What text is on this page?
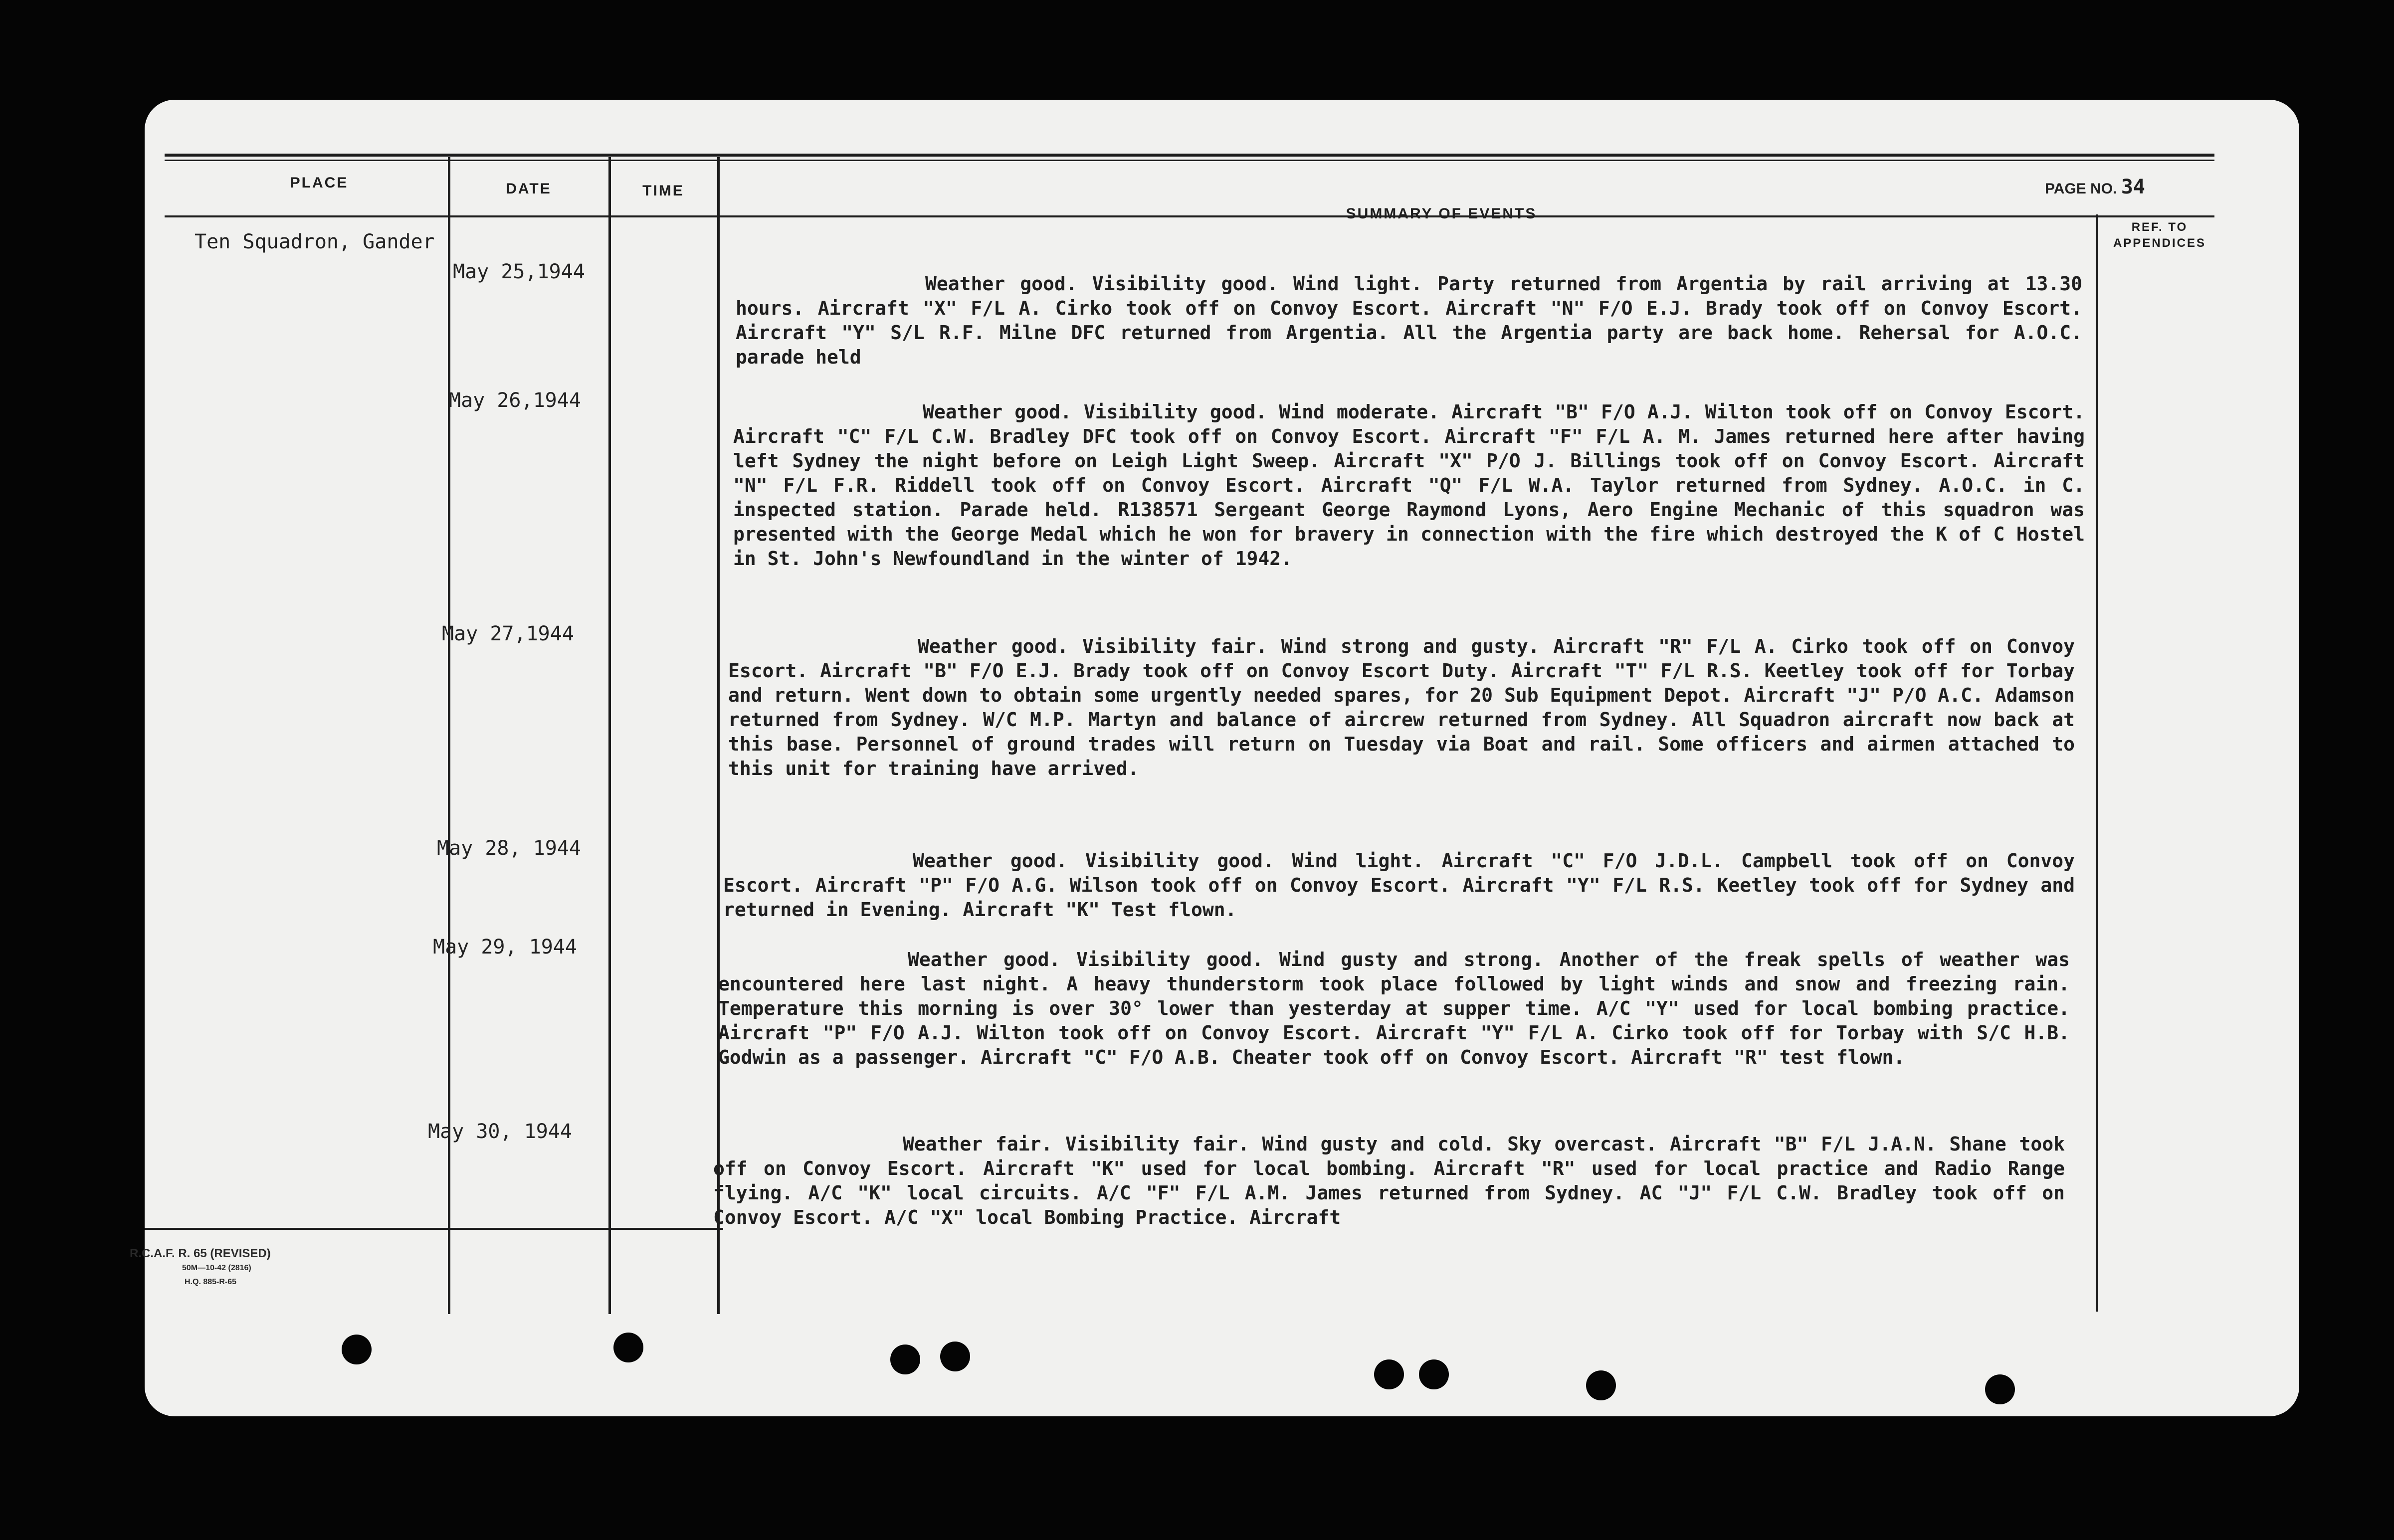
PLACE	DATE	TIME
SUMMARY OF EVENTS
REF. TO APPENDICES
PAGE NO. 34
Ten Squadron, Gander
May 25,1944
May 26,1944
May 27,1944
May 28, 1944
May 29, 1944
May 30, 1944

Weather good. Visibility good. Wind light. Party returned from Argentia by rail arriving at 13.30 hours. Aircraft "X" F/L A. Cirko took off on Convoy Escort. Aircraft "N" F/O E.J. Brady took off on Convoy Escort. Aircraft "Y" S/L R.F. Milne DFC returned from Argentia. All the Argentia party are back home. Rehersal for A.O.C. parade held

Weather good. Visibility good. Wind moderate. Aircraft "B" F/O A.J. Wilton took off on Convoy Escort. Aircraft "C" F/L C.W. Bradley DFC took off on Convoy Escort. Aircraft "F" F/L A. M. James returned here after having left Sydney the night before on Leigh Light Sweep. Aircraft "X" P/O J. Billings took off on Convoy Escort. Aircraft "N" F/L F.R. Riddell took off on Convoy Escort. Aircraft "Q" F/L W.A. Taylor returned from Sydney. A.O.C. in C. inspected station. Parade held. R138571 Sergeant George Raymond Lyons, Aero Engine Mechanic of this squadron was presented with the George Medal which he won for bravery in connection with the fire which destroyed the K of C Hostel in St. John's Newfoundland in the winter of 1942.

Weather good. Visibility fair. Wind strong and gusty. Aircraft "R" F/L A. Cirko took off on Convoy Escort. Aircraft "B" F/O E.J. Brady took off on Convoy Escort Duty. Aircraft "T" F/L R.S. Keetley took off for Torbay and return. Went down to obtain some urgently needed spares, for 20 Sub Equipment Depot. Aircraft "J" P/O A.C. Adamson returned from Sydney. W/C M.P. Martyn and balance of aircrew returned from Sydney. All Squadron aircraft now back at this base. Personnel of ground trades will return on Tuesday via Boat and rail. Some officers and airmen attached to this unit for training have arrived.

Weather good. Visibility good. Wind light. Aircraft "C" F/O J.D.L. Campbell took off on Convoy Escort. Aircraft "P" F/O A.G. Wilson took off on Convoy Escort. Aircraft "Y" F/L R.S. Keetley took off for Sydney and returned in Evening. Aircraft "K" Test flown.

Weather good. Visibility good. Wind gusty and strong. Another of the freak spells of weather was encountered here last night. A heavy thunderstorm took place followed by light winds and snow and freezing rain. Temperature this morning is over 30° lower than yesterday at supper time. A/C "Y" used for local bombing practice. Aircraft "P" F/O A.J. Wilton took off on Convoy Escort. Aircraft "Y" F/L A. Cirko took off for Torbay with S/C H.B. Godwin as a passenger. Aircraft "C" F/O A.B. Cheater took off on Convoy Escort. Aircraft "R" test flown.

Weather fair. Visibility fair. Wind gusty and cold. Sky overcast. Aircraft "B" F/L J.A.N. Shane took off on Convoy Escort. Aircraft "K" used for local bombing. Aircraft "R" used for local practice and Radio Range flying. A/C "K" local circuits. A/C "F" F/L A.M. James returned from Sydney. AC "J" F/L C.W. Bradley took off on Convoy Escort. A/C "X" local Bombing Practice. Aircraft

R.C.A.F. R. 65 (REVISED)
50M—10-42 (2816)
H.Q. 885-R-65
